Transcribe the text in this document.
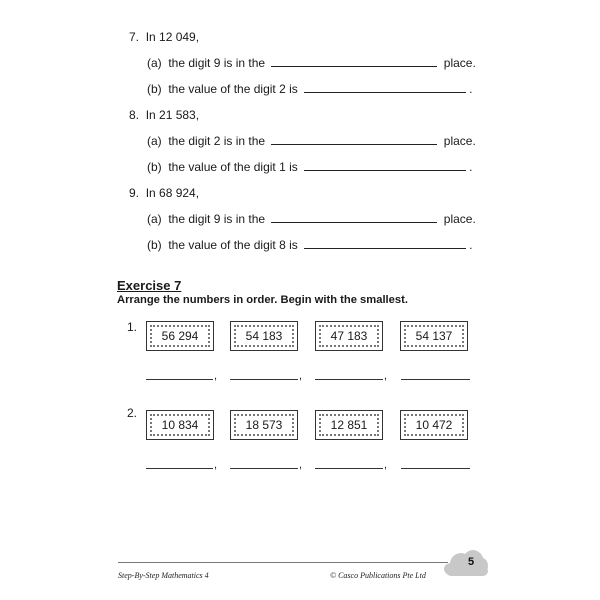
7. In 12 049,
(a) the digit 9 is in the	place.
(b) the value of the digit 2 is	.
8. In 21 583,
(a) the digit 2 is in the	place.
(b) the value of the digit 1 is	.
9. In 68 924,
(a) the digit 9 is in the	place.
(b) the value of the digit 8 is	.
Exercise 7
Arrange the numbers in order. Begin with the smallest.
1.
56 294	54 183	47 183	54 137
,	,	,
2.
10 834	18 573	12 851	10 472
,	,	,
Step-By-Step Mathematics 4	© Casco Publications Pte Ltd
5
